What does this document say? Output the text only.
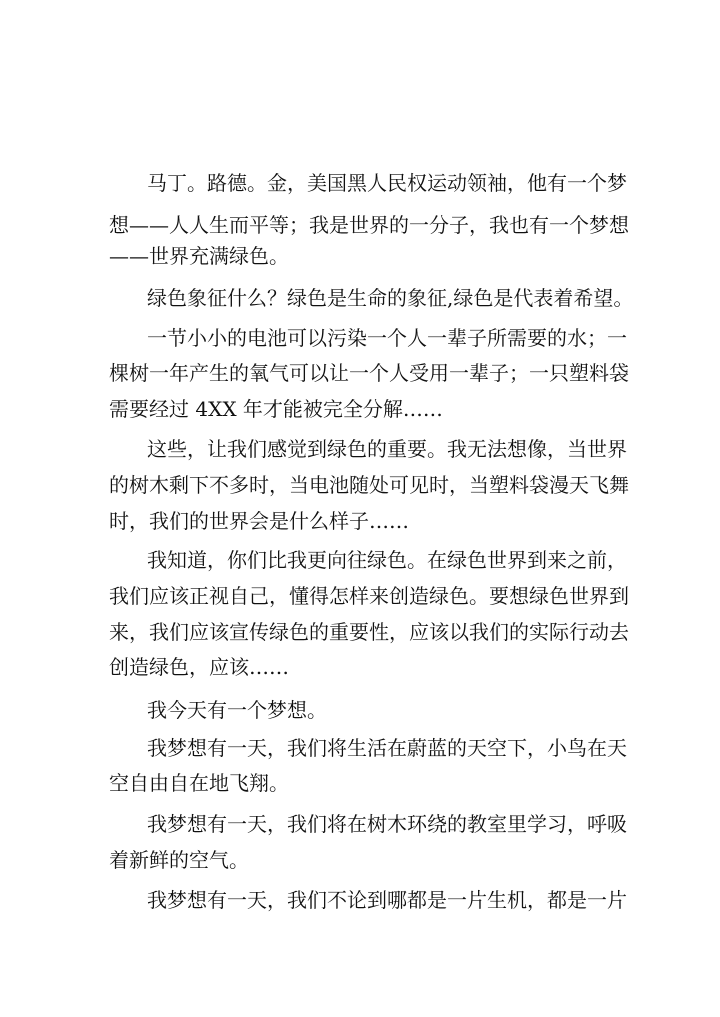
马丁。路德。金，美国黑人民权运动领袖，他有一个梦
想——人人生而平等；我是世界的一分子，我也有一个梦想
——世界充满绿色。
绿色象征什么？绿色是生命的象征,绿色是代表着希望。
一节小小的电池可以污染一个人一辈子所需要的水；一
棵树一年产生的氧气可以让一个人受用一辈子；一只塑料袋
需要经过 4XX 年才能被完全分解……
这些，让我们感觉到绿色的重要。我无法想像，当世界
的树木剩下不多时，当电池随处可见时，当塑料袋漫天飞舞
时，我们的世界会是什么样子……
我知道，你们比我更向往绿色。在绿色世界到来之前，
我们应该正视自己，懂得怎样来创造绿色。要想绿色世界到
来，我们应该宣传绿色的重要性，应该以我们的实际行动去
创造绿色，应该……
我今天有一个梦想。
我梦想有一天，我们将生活在蔚蓝的天空下，小鸟在天
空自由自在地飞翔。
我梦想有一天，我们将在树木环绕的教室里学习，呼吸
着新鲜的空气。
我梦想有一天，我们不论到哪都是一片生机，都是一片
